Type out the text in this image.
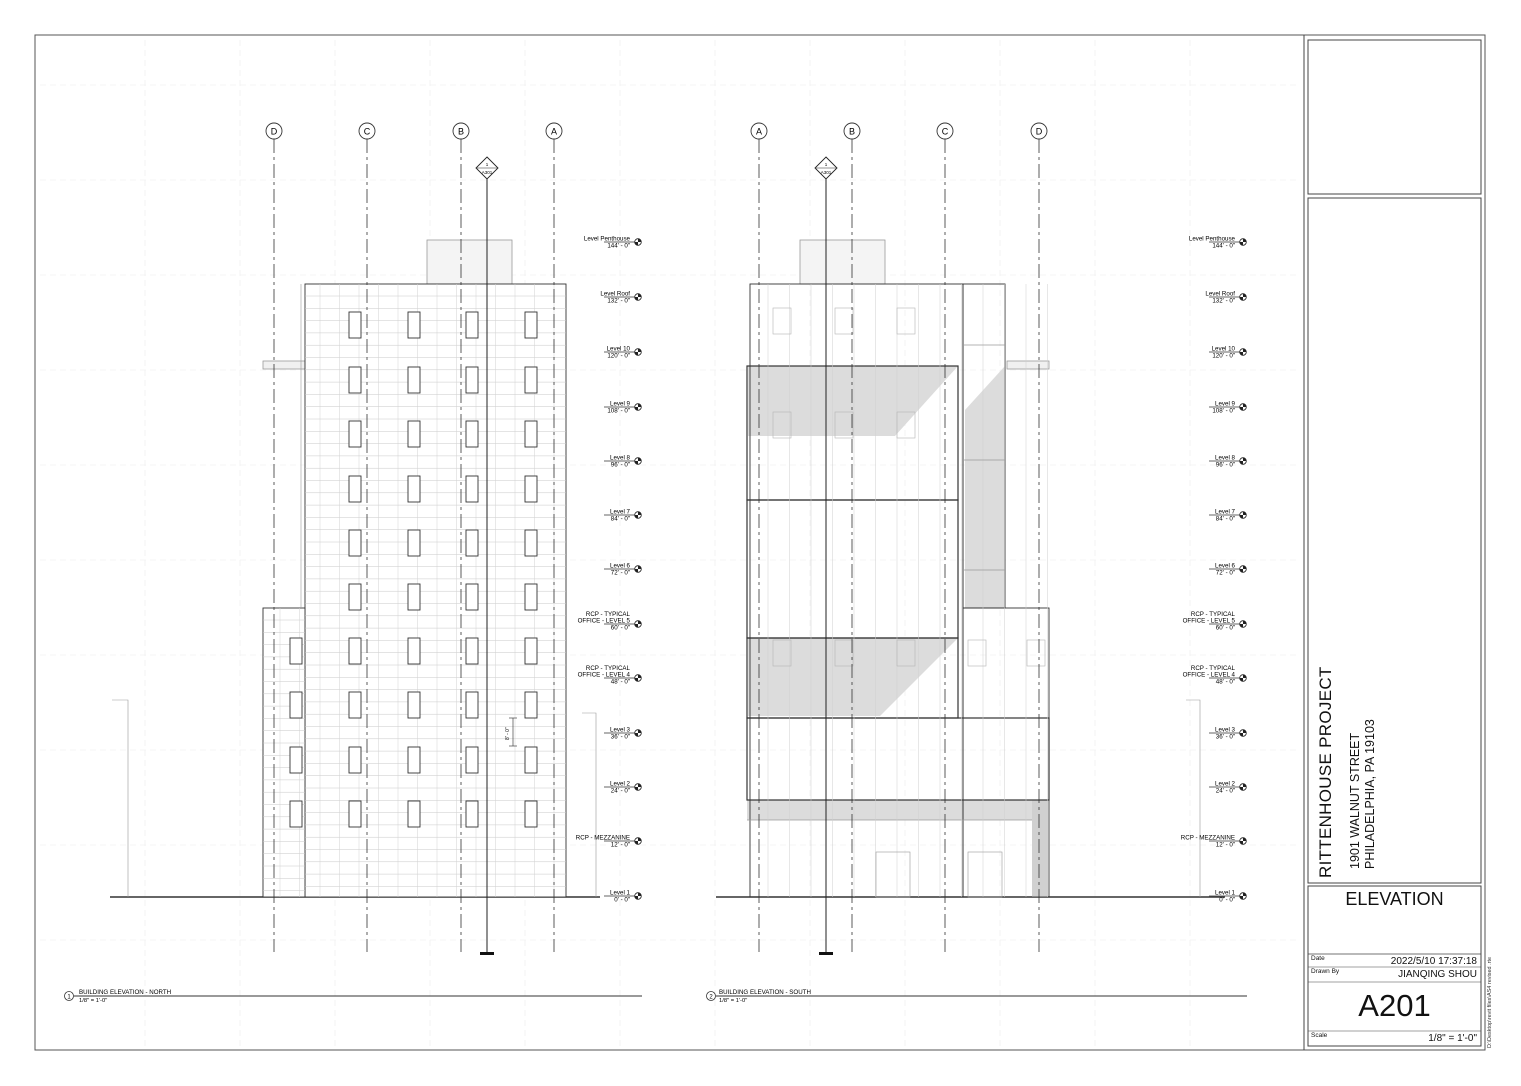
D	C	B	A
1
A301
A	B	C	D
1
A301
Level Penthouse
144' - 0"
Level Roof
132' - 0"
Level 10
120' - 0"
Level 9
108' - 0"
Level 8
96' - 0"
Level 7
84' - 0"
Level 6
72' - 0"
RCP - TYPICAL
OFFICE - LEVEL 5
60' - 0"
RCP - TYPICAL
OFFICE - LEVEL 4
48' - 0"
Level 3
36' - 0"
Level 2
24' - 0"
RCP - MEZZANINE
12' - 0"
Level 1
0' - 0"
Level Penthouse
144' - 0"
Level Roof
132' - 0"
Level 10
120' - 0"
Level 9
108' - 0"
Level 8
96' - 0"
Level 7
84' - 0"
Level 6
72' - 0"
RCP - TYPICAL
OFFICE - LEVEL 5
60' - 0"
RCP - TYPICAL
OFFICE - LEVEL 4
48' - 0"
Level 3
36' - 0"
Level 2
24' - 0"
RCP - MEZZANINE
12' - 0"
Level 1
0' - 0"
1
BUILDING ELEVATION - NORTH
1/8" = 1'-0"
2
BUILDING ELEVATION - SOUTH
1/8" = 1'-0"
8' - 0"	RITTENHOUSE PROJECT 1901 WALNUT STREET PHILADELPHIA, PA 19103
ELEVATION
Date	2022/5/10 17:37:18
Drawn By	JIANQING SHOU
A201
Scale	1/8" = 1'-0" D:\Desktop\revit files\AS4 revised .rte
